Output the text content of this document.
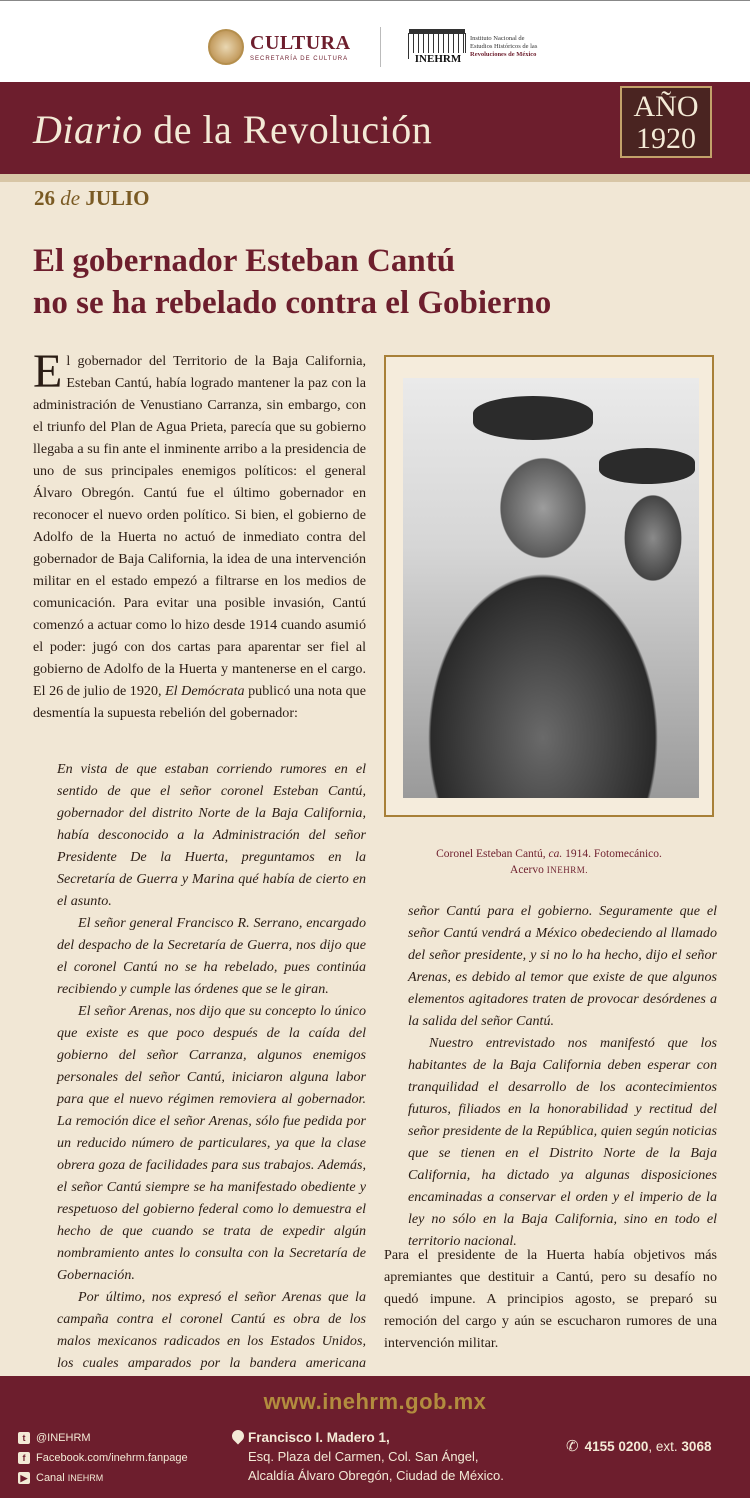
CULTURA
SECRETARÍA DE CULTURA	INEHRM
Instituto Nacional de
Estudios Históricos de las
Revoluciones de México
Diario de la Revolución
AÑO
1920
26 de JULIO
El gobernador Esteban Cantú
no se ha rebelado contra el Gobierno

El gobernador del Territorio de la Baja California, Esteban Cantú, había logrado mantener la paz con la administración de Venustiano Carranza, sin embargo, con el triunfo del Plan de Agua Prieta, parecía que su gobierno llegaba a su fin ante el inminente arribo a la presidencia de uno de sus principales enemigos políticos: el general Álvaro Obregón. Cantú fue el último gobernador en reconocer el nuevo orden político. Si bien, el gobierno de Adolfo de la Huerta no actuó de inmediato contra del gobernador de Baja California, la idea de una intervención militar en el estado empezó a filtrarse en los medios de comunicación. Para evitar una posible invasión, Cantú comenzó a actuar como lo hizo desde 1914 cuando asumió el poder: jugó con dos cartas para aparentar ser fiel al gobierno de Adolfo de la Huerta y mantenerse en el cargo. El 26 de julio de 1920, El Demócrata publicó una nota que desmentía la supuesta rebelión del gobernador:

En vista de que estaban corriendo rumores en el sentido de que el señor coronel Esteban Cantú, gobernador del distrito Norte de la Baja California, había desconocido a la Administración del señor Presidente De la Huerta, preguntamos en la Secretaría de Guerra y Marina qué había de cierto en el asunto.

El señor general Francisco R. Serrano, encargado del despacho de la Secretaría de Guerra, nos dijo que el coronel Cantú no se ha rebelado, pues continúa recibiendo y cumple las órdenes que se le giran.

El señor Arenas, nos dijo que su concepto lo único que existe es que poco después de la caída del gobierno del señor Carranza, algunos enemigos personales del señor Cantú, iniciaron alguna labor para que el nuevo régimen removiera al gobernador. La remoción dice el señor Arenas, sólo fue pedida por un reducido número de particulares, ya que la clase obrera goza de facilidades para sus trabajos. Además, el señor Cantú siempre se ha manifestado obediente y respetuoso del gobierno federal como lo demuestra el hecho de que cuando se trata de expedir algún nombramiento antes lo consulta con la Secretaría de Gobernación.

Por último, nos expresó el señor Arenas que la campaña contra el coronel Cantú es obra de los malos mexicanos radicados en los Estados Unidos, los cuales amparados por la bandera americana

Coronel Esteban Cantú, ca. 1914. Fotomecánico.
Acervo INEHRM.

señor Cantú para el gobierno. Seguramente que el señor Cantú vendrá a México obedeciendo al llamado del señor presidente, y si no lo ha hecho, dijo el señor Arenas, es debido al temor que existe de que algunos elementos agitadores traten de provocar desórdenes a la salida del señor Cantú.

Nuestro entrevistado nos manifestó que los habitantes de la Baja California deben esperar con tranquilidad el desarrollo de los acontecimientos futuros, filiados en la honorabilidad y rectitud del señor presidente de la República, quien según noticias que se tienen en el Distrito Norte de la Baja California, ha dictado ya algunas disposiciones encaminadas a conservar el orden y el imperio de la ley no sólo en la Baja California, sino en todo el territorio nacional.

Para el presidente de la Huerta había objetivos más apremiantes que destituir a Cantú, pero su desafío no quedó impune. A principios agosto, se preparó su remoción del cargo y aún se escucharon rumores de una intervención militar.

www.inehrm.gob.mx
t @INEHRM
f Facebook.com/inehrm.fanpage
▶ Canal INEHRM
Francisco I. Madero 1,
Esq. Plaza del Carmen, Col. San Ángel,
Alcaldía Álvaro Obregón, Ciudad de México.
✆ 4155 0200, ext. 3068
